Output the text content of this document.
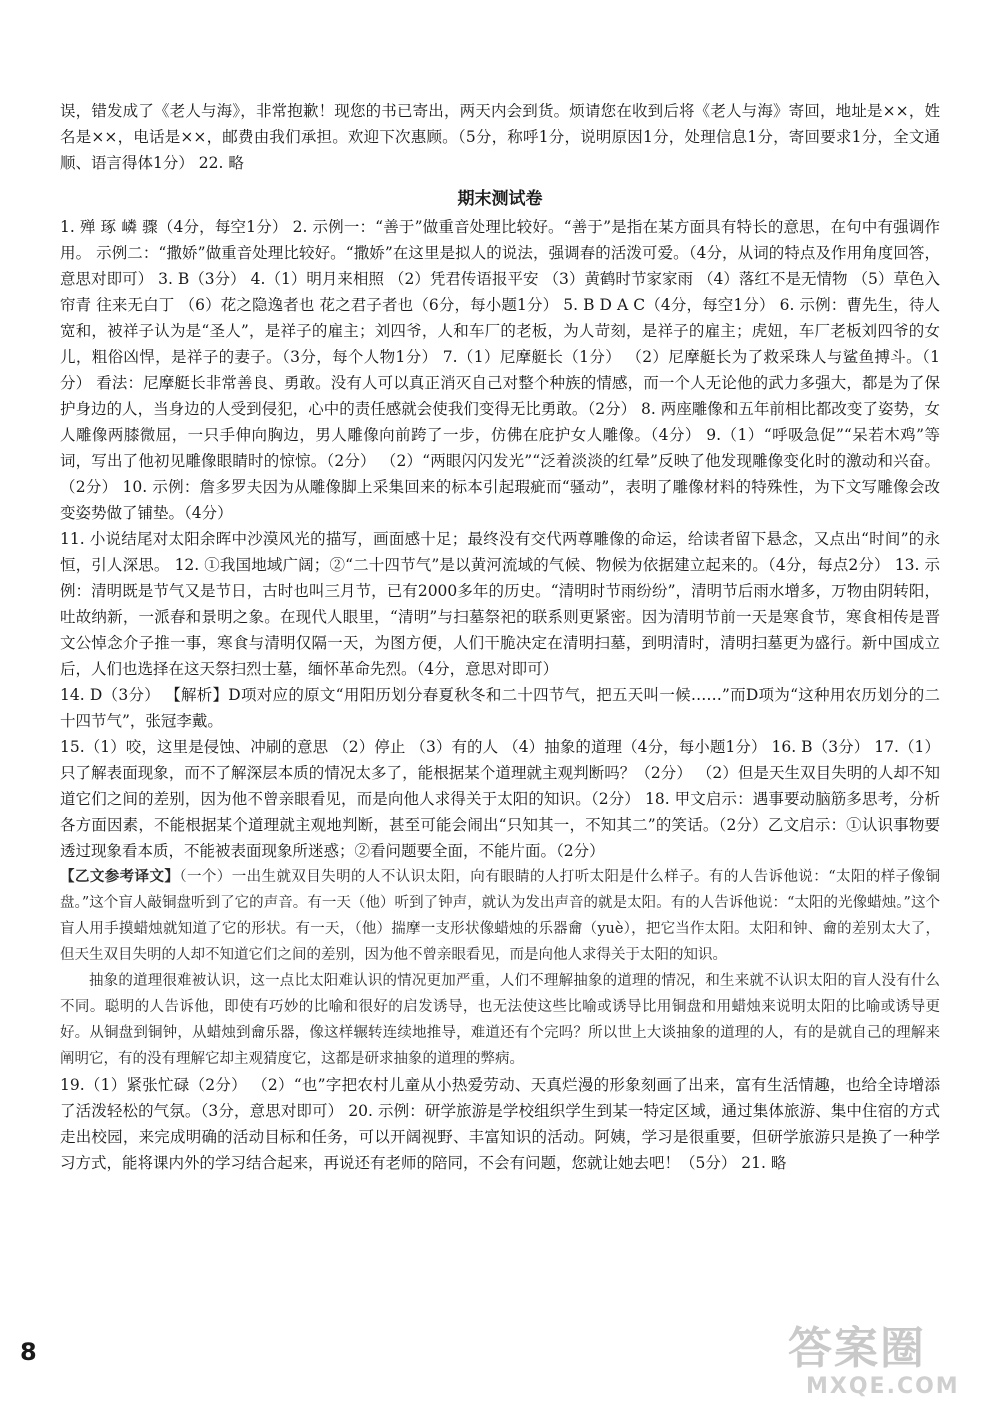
误，错发成了《老人与海》，非常抱歉！现您的书已寄出，两天内会到货。烦请您在收到后将《老人与海》寄回，地址是××，姓名是××，电话是××，邮费由我们承担。欢迎下次惠顾。（5分，称呼1分，说明原因1分，处理信息1分，寄回要求1分，全文通顺、语言得体1分） 22. 略

期末测试卷

1. 殚 琢 嶙 骤（4分，每空1分） 2. 示例一：“善于”做重音处理比较好。“善于”是指在某方面具有特长的意思，在句中有强调作用。 示例二：“撒娇”做重音处理比较好。“撒娇”在这里是拟人的说法，强调春的活泼可爱。（4分，从词的特点及作用角度回答，意思对即可） 3. B（3分） 4.（1）明月来相照 （2）凭君传语报平安 （3）黄鹤时节家家雨 （4）落红不是无情物 （5）草色入帘青 往来无白丁 （6）花之隐逸者也 花之君子者也（6分，每小题1分） 5. B D A C（4分，每空1分） 6. 示例：曹先生，待人宽和，被祥子认为是“圣人”，是祥子的雇主；刘四爷，人和车厂的老板，为人苛刻，是祥子的雇主；虎妞，车厂老板刘四爷的女儿，粗俗凶悍，是祥子的妻子。（3分，每个人物1分） 7.（1）尼摩艇长（1分） （2）尼摩艇长为了救采珠人与鲨鱼搏斗。（1分） 看法：尼摩艇长非常善良、勇敢。没有人可以真正消灭自己对整个种族的情感，而一个人无论他的武力多强大，都是为了保护身边的人，当身边的人受到侵犯，心中的责任感就会使我们变得无比勇敢。（2分） 8. 两座雕像和五年前相比都改变了姿势，女人雕像两膝微屈，一只手伸向胸边，男人雕像向前跨了一步，仿佛在庇护女人雕像。（4分） 9.（1）“呼吸急促”“呆若木鸡”等词，写出了他初见雕像眼睛时的惊惊。（2分） （2）“两眼闪闪发光”“泛着淡淡的红晕”反映了他发现雕像变化时的激动和兴奋。（2分） 10. 示例：詹多罗夫因为从雕像脚上采集回来的标本引起瑕疵而“骚动”，表明了雕像材料的特殊性，为下文写雕像会改变姿势做了铺垫。（4分）

11. 小说结尾对太阳余晖中沙漠风光的描写，画面感十足；最终没有交代两尊雕像的命运，给读者留下悬念，又点出“时间”的永恒，引人深思。 12. ①我国地域广阔；②“二十四节气”是以黄河流域的气候、物候为依据建立起来的。（4分，每点2分） 13. 示例：清明既是节气又是节日，古时也叫三月节，已有2000多年的历史。“清明时节雨纷纷”，清明节后雨水增多，万物由阴转阳，吐故纳新，一派春和景明之象。在现代人眼里，“清明”与扫墓祭祀的联系则更紧密。因为清明节前一天是寒食节，寒食相传是晋文公悼念介子推一事，寒食与清明仅隔一天，为图方便，人们干脆决定在清明扫墓，到明清时，清明扫墓更为盛行。新中国成立后，人们也选择在这天祭扫烈士墓，缅怀革命先烈。（4分，意思对即可）

14. D（3分） 【解析】D项对应的原文“用阳历划分春夏秋冬和二十四节气，把五天叫一候……”而D项为“这种用农历划分的二十四节气”，张冠李戴。

15.（1）咬，这里是侵蚀、冲刷的意思 （2）停止 （3）有的人 （4）抽象的道理（4分，每小题1分） 16. B（3分） 17.（1）只了解表面现象，而不了解深层本质的情况太多了，能根据某个道理就主观判断吗？（2分） （2）但是天生双目失明的人却不知道它们之间的差别，因为他不曾亲眼看见，而是向他人求得关于太阳的知识。（2分） 18. 甲文启示：遇事要动脑筋多思考，分析各方面因素，不能根据某个道理就主观地判断，甚至可能会闹出“只知其一，不知其二”的笑话。（2分）乙文启示：①认识事物要透过现象看本质，不能被表面现象所迷惑；②看问题要全面，不能片面。（2分）

【乙文参考译文】（一个）一出生就双目失明的人不认识太阳，向有眼睛的人打听太阳是什么样子。有的人告诉他说：“太阳的样子像铜盘。”这个盲人敲铜盘听到了它的声音。有一天（他）听到了钟声，就认为发出声音的就是太阳。有的人告诉他说：“太阳的光像蜡烛。”这个盲人用手摸蜡烛就知道了它的形状。有一天，（他）揣摩一支形状像蜡烛的乐器龠（yuè），把它当作太阳。太阳和钟、龠的差别太大了，但天生双目失明的人却不知道它们之间的差别，因为他不曾亲眼看见，而是向他人求得关于太阳的知识。

抽象的道理很难被认识，这一点比太阳难认识的情况更加严重，人们不理解抽象的道理的情况，和生来就不认识太阳的盲人没有什么不同。聪明的人告诉他，即使有巧妙的比喻和很好的启发诱导，也无法使这些比喻或诱导比用铜盘和用蜡烛来说明太阳的比喻或诱导更好。从铜盘到铜钟，从蜡烛到龠乐器，像这样辗转连续地推导，难道还有个完吗？所以世上大谈抽象的道理的人，有的是就自己的理解来阐明它，有的没有理解它却主观猜度它，这都是研求抽象的道理的弊病。

19.（1）紧张忙碌（2分） （2）“也”字把农村儿童从小热爱劳动、天真烂漫的形象刻画了出来，富有生活情趣，也给全诗增添了活泼轻松的气氛。（3分，意思对即可） 20. 示例：研学旅游是学校组织学生到某一特定区域，通过集体旅游、集中住宿的方式走出校园，来完成明确的活动目标和任务，可以开阔视野、丰富知识的活动。阿姨，学习是很重要，但研学旅游只是换了一种学习方式，能将课内外的学习结合起来，再说还有老师的陪同，不会有问题，您就让她去吧！（5分） 21. 略

8	答案圈
MXQE.COM
